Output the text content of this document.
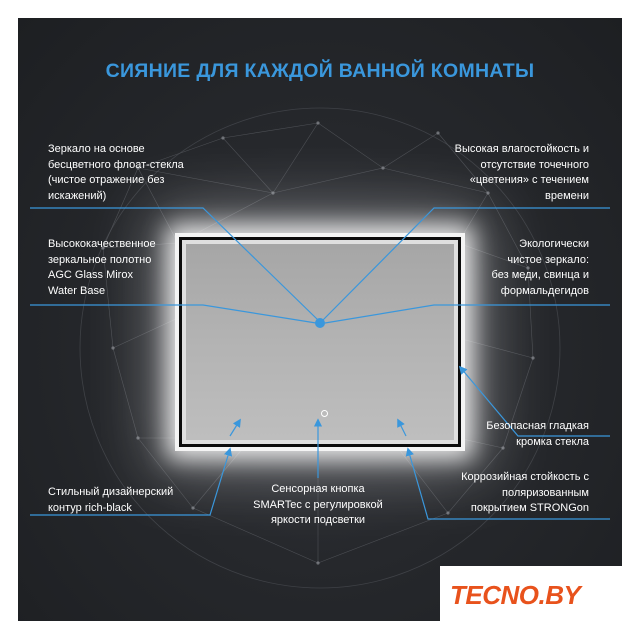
СИЯНИЕ ДЛЯ КАЖДОЙ ВАННОЙ КОМНАТЫ
Зеркало на основе
бесцветного флоат-стекла
(чистое отражение без
искажений)
Высокая влагостойкость и
отсутствие точечного
«цветения» с течением
времени
Высококачественное
зеркальное полотно
AGC Glass Mirox
Water Base
Экологически
чистое зеркало:
без меди, свинца и
формальдегидов
Безопасная гладкая
кромка стекла
Стильный дизайнерский
контур rich-black
Сенсорная кнопка
SMARTec с регулировкой
яркости подсветки
Коррозийная стойкость с
поляризованным
покрытием STRONGon
TECNO.BY
